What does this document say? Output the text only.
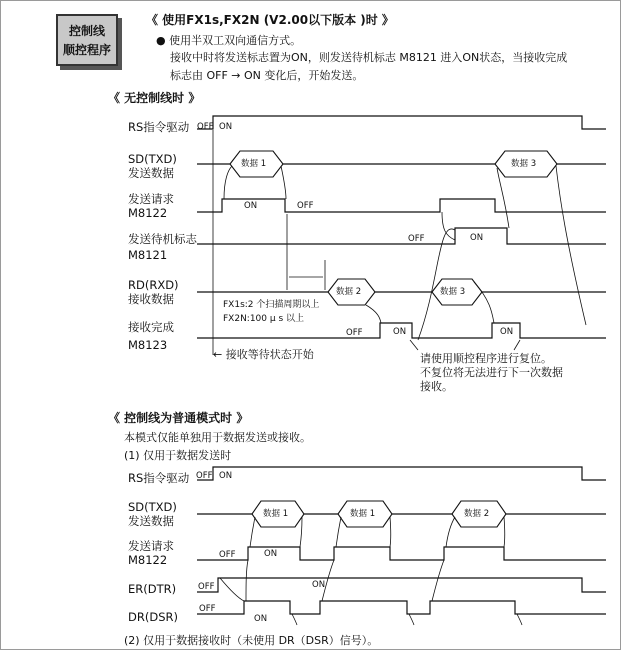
控制线
顺控程序
《 使用FX1s,FX2N (V2.00以下版本 )时 》
● 使用半双工双向通信方式。
接收中时将发送标志置为ON，则发送待机标志 M8121 进入ON状态，当接收完成
标志由 OFF → ON 变化后，开始发送。
《 无控制线时 》
RS指令驱动
SD(TXD)
发送数据
发送请求
M8122
发送待机标志
M8121
RD(RXD)
接收数据
接收完成
M8123
OFF ON
数据 1	数据 3
ON	OFF
OFF	ON
数据 2	数据 3
OFF	ON	ON
FX1s:2 个扫描周期以上
FX2N:100 μ s 以上
← 接收等待状态开始	请使用顺控程序进行复位。
不复位将无法进行下一次数据
接收。
《 控制线为普通模式时 》
本模式仅能单独用于数据发送或接收。
(1) 仅用于数据发送时
RS指令驱动
SD(TXD)
发送数据
发送请求
M8122
ER(DTR)
DR(DSR)
OFF ON
数据 1	数据 1	数据 2
OFF	ON
OFF	ON
OFF
ON
(2) 仅用于数据接收时（未使用 DR（DSR）信号）。
